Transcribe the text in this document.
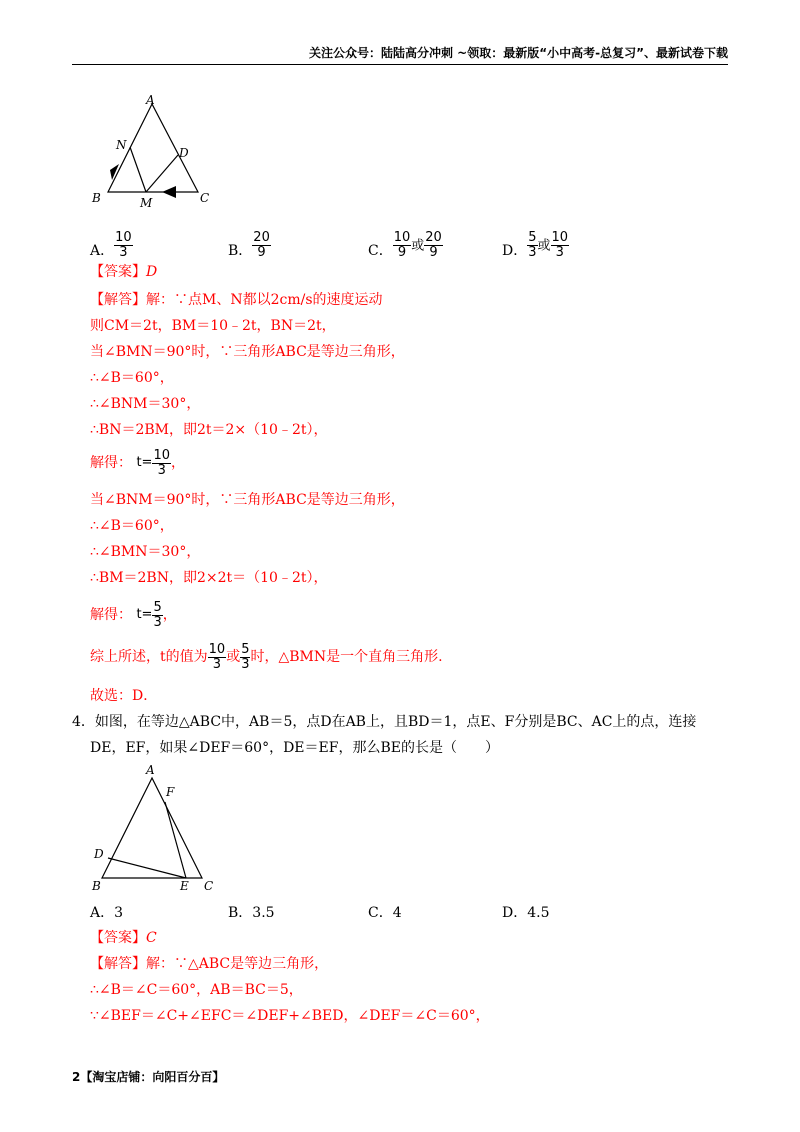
关注公众号：陆陆高分冲刺 ~领取：最新版“小中高考-总复习”、最新试卷下载
A
N
D
B	M	C
A． $\frac{10}{3}$	B． $\frac{20}{9}$	C． $\frac{10}{9}$ 或 $\frac{20}{9}$	D． $\frac{5}{3}$ 或 $\frac{10}{3}$
【答案】D
【解答】解：∵点M、N都以2cm/s的速度运动
则CM＝2t，BM＝10﹣2t，BN＝2t，
当∠BMN＝90°时，∵三角形ABC是等边三角形，
∴∠B＝60°，
∴∠BNM＝30°，
∴BN＝2BM，即2t＝2×（10﹣2t），
解得： $t= \frac{10}{3}$ ，
当∠BNM＝90°时，∵三角形ABC是等边三角形，
∴∠B＝60°，
∴∠BMN＝30°，
∴BM＝2BN，即2×2t＝（10﹣2t），
解得： $t= \frac{5}{3}$ ，
综上所述，t的值为 $\frac{10}{3}$ 或 $\frac{5}{3}$ 时，△BMN是一个直角三角形.
故选：D．
4．如图，在等边△ABC中，AB＝5，点D在AB上，且BD＝1，点E、F分别是BC、AC上的点，连接
DE，EF，如果∠DEF＝60°，DE＝EF，那么BE的长是（　　）
A
F
D
B	E C
A．3	B．3.5	C．4	D．4.5
【答案】C
【解答】解：∵△ABC是等边三角形，
∴∠B＝∠C＝60°，AB＝BC＝5，
∵∠BEF＝∠C+∠EFC＝∠DEF+∠BED，∠DEF＝∠C＝60°，
2【淘宝店铺：向阳百分百】
